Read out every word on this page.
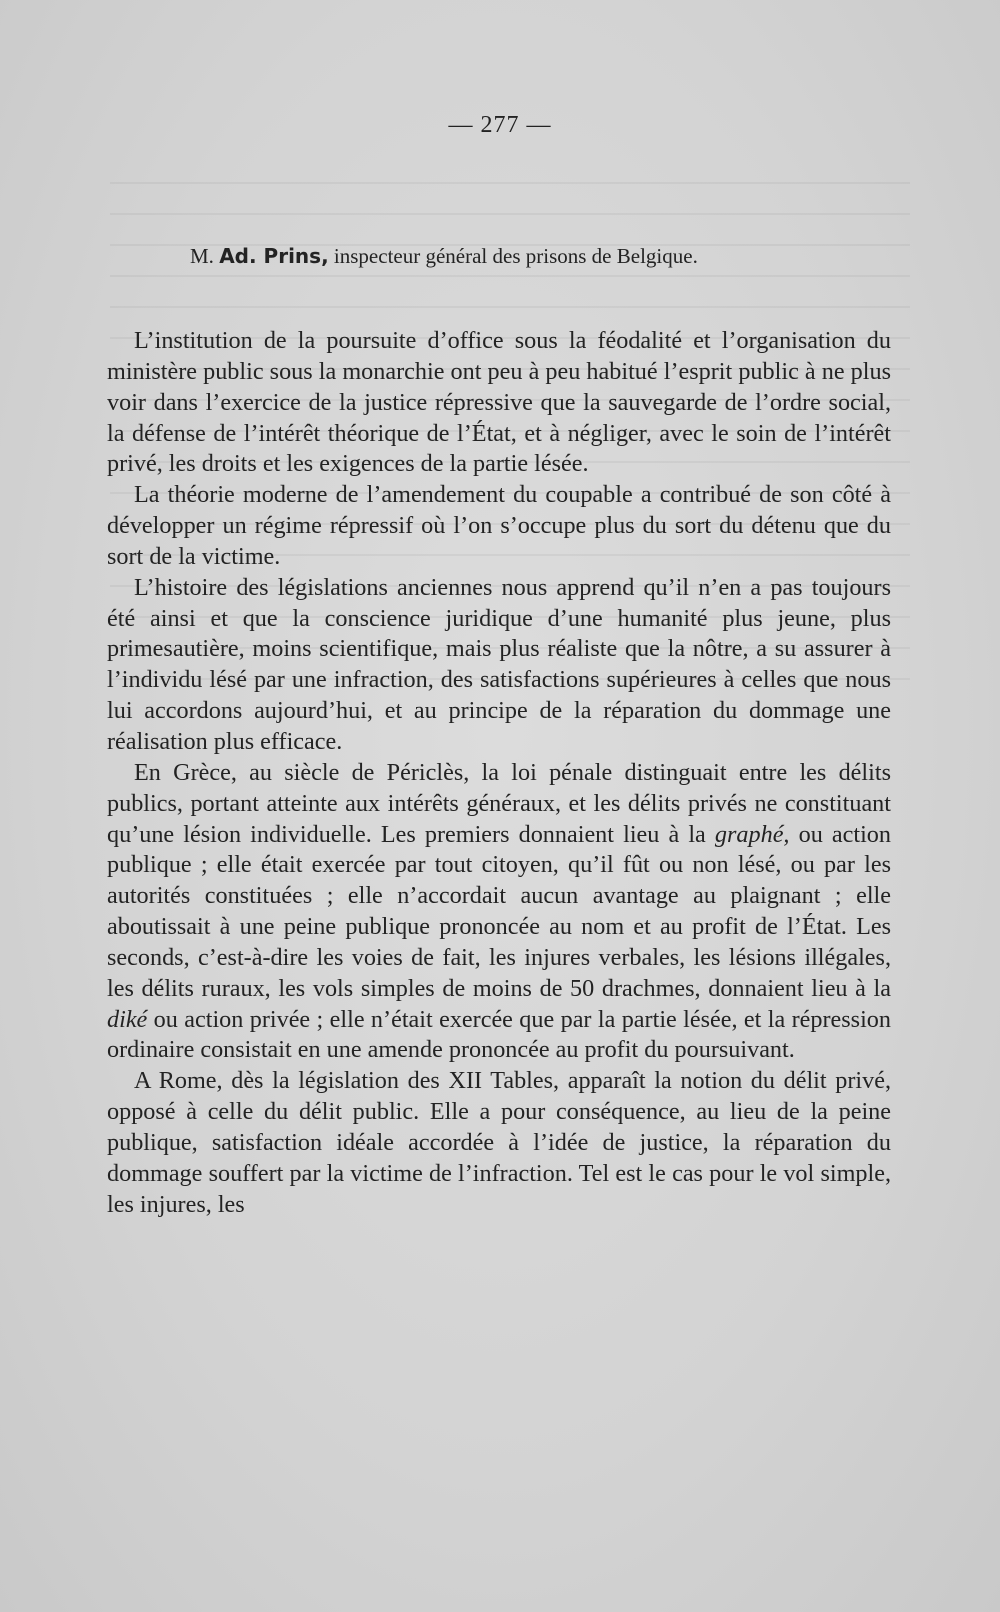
— 277 —
M. Ad. Prins, inspecteur général des prisons de Belgique.

L’institution de la poursuite d’office sous la féodalité et l’organisation du ministère public sous la monarchie ont peu à peu habitué l’esprit public à ne plus voir dans l’exercice de la justice répressive que la sauvegarde de l’ordre social, la défense de l’intérêt théorique de l’État, et à négliger, avec le soin de l’intérêt privé, les droits et les exigences de la partie lésée.

La théorie moderne de l’amendement du coupable a contribué de son côté à développer un régime répressif où l’on s’occupe plus du sort du détenu que du sort de la victime.

L’histoire des législations anciennes nous apprend qu’il n’en a pas toujours été ainsi et que la conscience juridique d’une humanité plus jeune, plus primesautière, moins scientifique, mais plus réaliste que la nôtre, a su assurer à l’individu lésé par une infraction, des satisfactions supérieures à celles que nous lui accordons aujourd’hui, et au principe de la réparation du dommage une réalisation plus efficace.

En Grèce, au siècle de Périclès, la loi pénale distinguait entre les délits publics, portant atteinte aux intérêts généraux, et les délits privés ne constituant qu’une lésion individuelle. Les premiers donnaient lieu à la graphé, ou action publique ; elle était exercée par tout citoyen, qu’il fût ou non lésé, ou par les autorités constituées ; elle n’accordait aucun avantage au plaignant ; elle aboutissait à une peine publique prononcée au nom et au profit de l’État. Les seconds, c’est-à-dire les voies de fait, les injures verbales, les lésions illégales, les délits ruraux, les vols simples de moins de 50 drachmes, donnaient lieu à la diké ou action privée ; elle n’était exercée que par la partie lésée, et la répression ordinaire consistait en une amende prononcée au profit du poursuivant.

A Rome, dès la législation des XII Tables, apparaît la notion du délit privé, opposé à celle du délit public. Elle a pour conséquence, au lieu de la peine publique, satisfaction idéale accordée à l’idée de justice, la réparation du dommage souffert par la victime de l’infraction. Tel est le cas pour le vol simple, les injures, les
